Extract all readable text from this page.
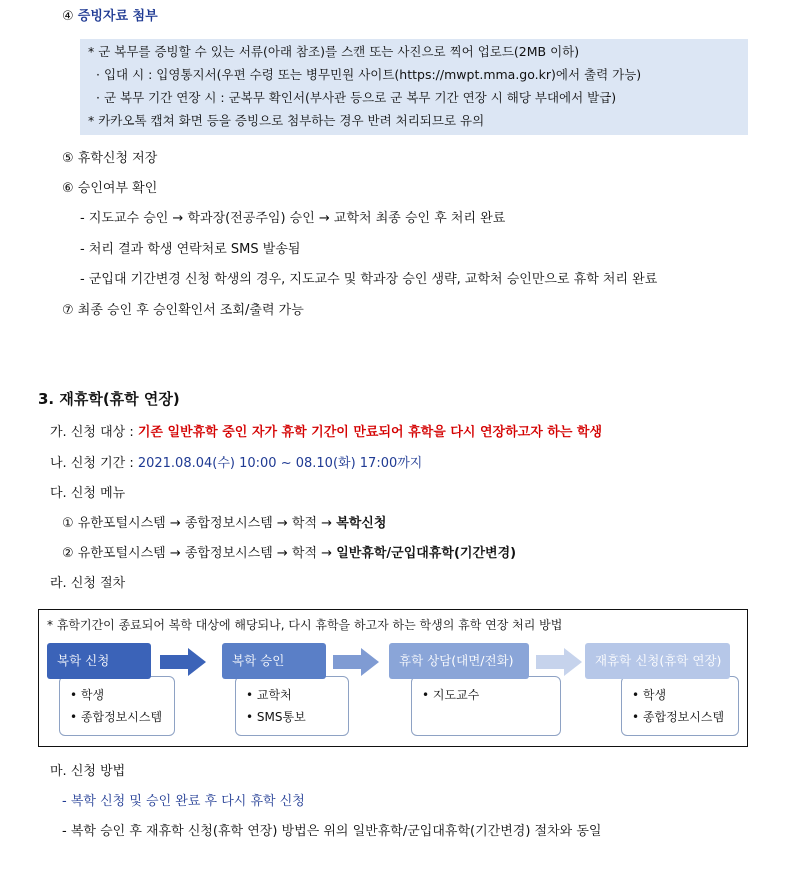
④ 증빙자료 첨부
* 군 복무를 증빙할 수 있는 서류(아래 참조)를 스캔 또는 사진으로 찍어 업로드(2MB 이하)
· 입대 시 : 입영통지서(우편 수령 또는 병무민원 사이트(https://mwpt.mma.go.kr)에서 출력 가능)
· 군 복무 기간 연장 시 : 군복무 확인서(부사관 등으로 군 복무 기간 연장 시 해당 부대에서 발급)
* 카카오톡 캡쳐 화면 등을 증빙으로 첨부하는 경우 반려 처리되므로 유의
⑤ 휴학신청 저장
⑥ 승인여부 확인
- 지도교수 승인 → 학과장(전공주임) 승인 → 교학처 최종 승인 후 처리 완료
- 처리 결과 학생 연락처로 SMS 발송됨
- 군입대 기간변경 신청 학생의 경우, 지도교수 및 학과장 승인 생략, 교학처 승인만으로 휴학 처리 완료
⑦ 최종 승인 후 승인확인서 조회/출력 가능
3. 재휴학(휴학 연장)
가. 신청 대상 : 기존 일반휴학 중인 자가 휴학 기간이 만료되어 휴학을 다시 연장하고자 하는 학생
나. 신청 기간 : 2021.08.04(수) 10:00 ~ 08.10(화) 17:00까지
다. 신청 메뉴
① 유한포털시스템 → 종합정보시스템 → 학적 → 복학신청
② 유한포털시스템 → 종합정보시스템 → 학적 → 일반휴학/군입대휴학(기간변경)
라. 신청 절차
* 휴학기간이 종료되어 복학 대상에 해당되나, 다시 휴학을 하고자 하는 학생의 휴학 연장 처리 방법
• 학생
• 종합정보시스템
복학 신청
• 교학처
• SMS통보
복학 승인
• 지도교수
휴학 상담(대면/전화)
• 학생
• 종합정보시스템
재휴학 신청(휴학 연장)
마. 신청 방법
- 복학 신청 및 승인 완료 후 다시 휴학 신청
- 복학 승인 후 재휴학 신청(휴학 연장) 방법은 위의 일반휴학/군입대휴학(기간변경) 절차와 동일
